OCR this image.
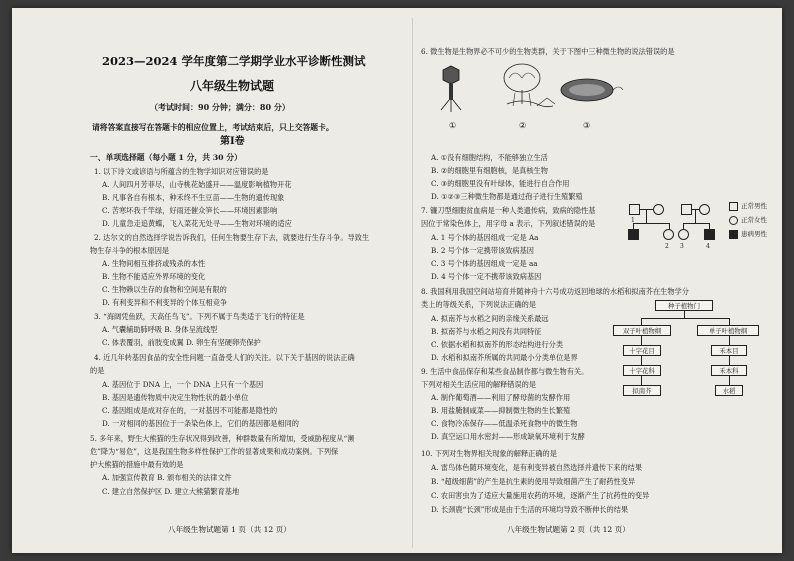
2023—2024 学年度第二学期学业水平诊断性测试
八年级生物试题
（考试时间：90 分钟；满分：80 分）
请将答案直接写在答题卡的相应位置上，考试结束后，只上交答题卡。
第Ⅰ卷
一、单项选择题（每小题 1 分，共 30 分）
1. 以下诗文或谚语与所蕴含的生物学知识对应错误的是
A. 人间四月芳菲尽，山寺桃花始盛开——温度影响植物开花
B. 凡事各自有根本，种禾终不生豆苗——生物的遗传现象
C. 苦寒坏我千竿绿，好雨还催众笋长——环境因素影响
D. 儿童急走追黄蝶，飞入菜花无处寻——生物对环境的适应
2. 达尔文的自然选择学说告诉我们，任何生物要生存下去，就要进行生存斗争。导致生
物生存斗争的根本原因是
A. 生物间相互排挤或残杀的本性
B. 生物不能适应外界环境的变化
C. 生物赖以生存的食物和空间是有限的
D. 有利变异和不利变异的个体互相竞争
3. “海阔凭鱼跃，天高任鸟飞”。下列不属于鸟类适于飞行的特征是
A. 气囊辅助肺呼吸 B. 身体呈流线型
C. 体表覆羽，前肢变成翼 D. 卵生有坚硬卵壳保护
4. 近几年转基因食品的安全性问题一直备受人们的关注。以下关于基因的说法正确
的是
A. 基因位于 DNA 上，一个 DNA 上只有一个基因
B. 基因是遗传物质中决定生物性状的最小单位
C. 基因组成是成对存在的，一对基因不可能都是隐性的
D. 一对相同的基因位于一条染色体上，它们的基因都是相同的
5. 多年来，野生大熊猫的生存状况得到改善，种群数量有所增加，受威胁程度从“濒
危”降为“易危”，这是我国生物多样性保护工作的显著成果和成功案例。下列保
护大熊猫的措施中最有效的是
A. 加强宣传教育 B. 颁布相关的法律文件
C. 建立自然保护区 D. 建立大熊猫繁育基地
八年级生物试题第 1 页（共 12 页）
6. 微生物是生物界必不可少的生物类群，关于下图中三种微生物的说法错误的是
①	②	③
A. ①没有细胞结构，不能够独立生活
B. ②的细胞里有细胞核，是真核生物
C. ③的细胞里没有叶绿体，能进行自合作用
D. ①②③三种微生物都是通过孢子进行生殖繁殖
7. 镰刀型细胞贫血病是一种人类遗传病，致病的隐性基
因位于常染色体上，用字母 a 表示，下列叙述错误的是
A. 1 号个体的基因组成一定是 Aa
B. 2 号个体一定携带该致病基因
C. 3 号个体的基因组成一定是 aa
D. 4 号个体一定不携带该致病基因
1
2 3	4
正常男性
正常女性
患病男性
8. 我国利用我国空间站培育并随神舟十六号成功返回地球的水稻和拟南芥在生物学分
类上的等级关系，下列说法正确的是
A. 拟南芥与水稻之间的亲缘关系最远
B. 拟南芥与水稻之间没有共同特征
C. 依据水稻和拟南芥的形态结构进行分类
D. 水稻和拟南芥所属的共同最小分类单位是界
9. 生活中食品保存和某些食品制作都与微生物有关。
下列对相关生活应用的解释错误的是
A. 制作葡萄酒——利用了酵母菌的发酵作用
B. 用盐腌制咸菜——抑制微生物的生长繁殖
C. 食物冷冻保存——低温杀死食物中的微生物
D. 真空运口用水密封——形成缺氧环境利于发酵
种子植物门
双子叶植物纲	单子叶植物纲
十字花目	禾本目
十字花科	禾本科
拟南芥	水稻
10. 下列对生物界相关现象的解释正确的是
A. 雷鸟体色随环境变化，是有利变异被自然选择并遗传下来的结果
B. “超级细菌”的产生是抗生素的使用导致细菌产生了耐药性变异
C. 农田害虫为了适应大量施用农药的环境，逐渐产生了抗药性的变异
D. 长颈鹿“长颈”形成是由于生活的环境均导致不断伸长的结果
八年级生物试题第 2 页（共 12 页）
